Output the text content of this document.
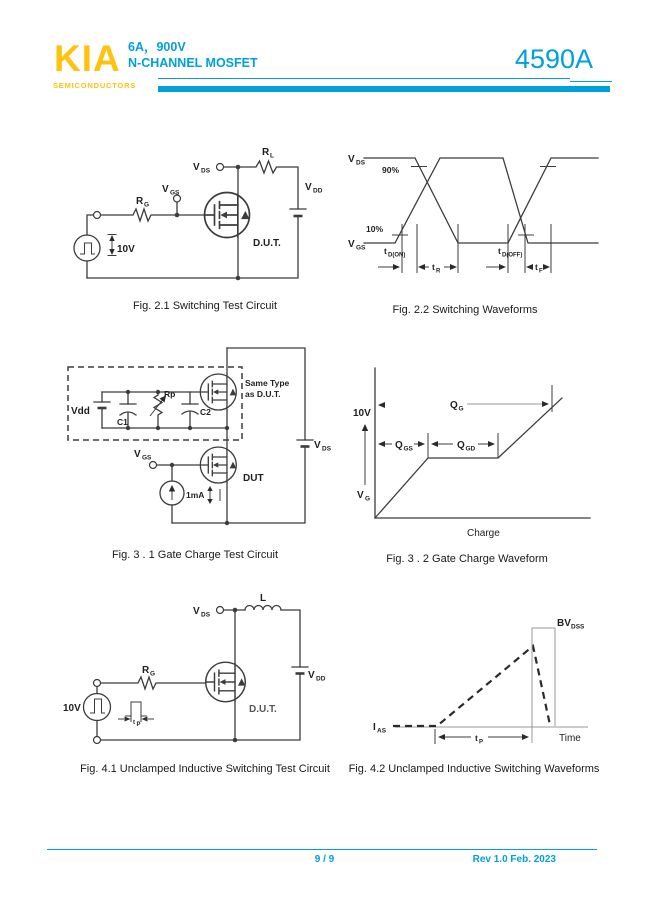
KIA
SEMICONDUCTORS
6A，900V
N-CHANNEL MOSFET	4590A
V DS
R L
V DD
V GS
R G
10V
D.U.T.
Fig. 2.1 Switching Test Circuit
V DS
V GS
90%
10%
t D(ON)
t R
t D(OFF)
t F
Fig. 2.2 Switching Waveforms
Vdd
C1
Rp
C2
Same Type
as D.U.T.
V GS
DUT
1mA
V DS
Fig. 3 . 1 Gate Charge Test Circuit
10V
V G
Q G
Q GS	Q GD
Charge
Fig. 3 . 2 Gate Charge Waveform
V DS
L
V DD
R G
10V
t P
D.U.T.
Fig. 4.1 Unclamped Inductive Switching Test Circuit
I AS
BV DSS
t P	Time
Fig. 4.2 Unclamped Inductive Switching Waveforms
9 / 9	Rev 1.0 Feb. 2023
